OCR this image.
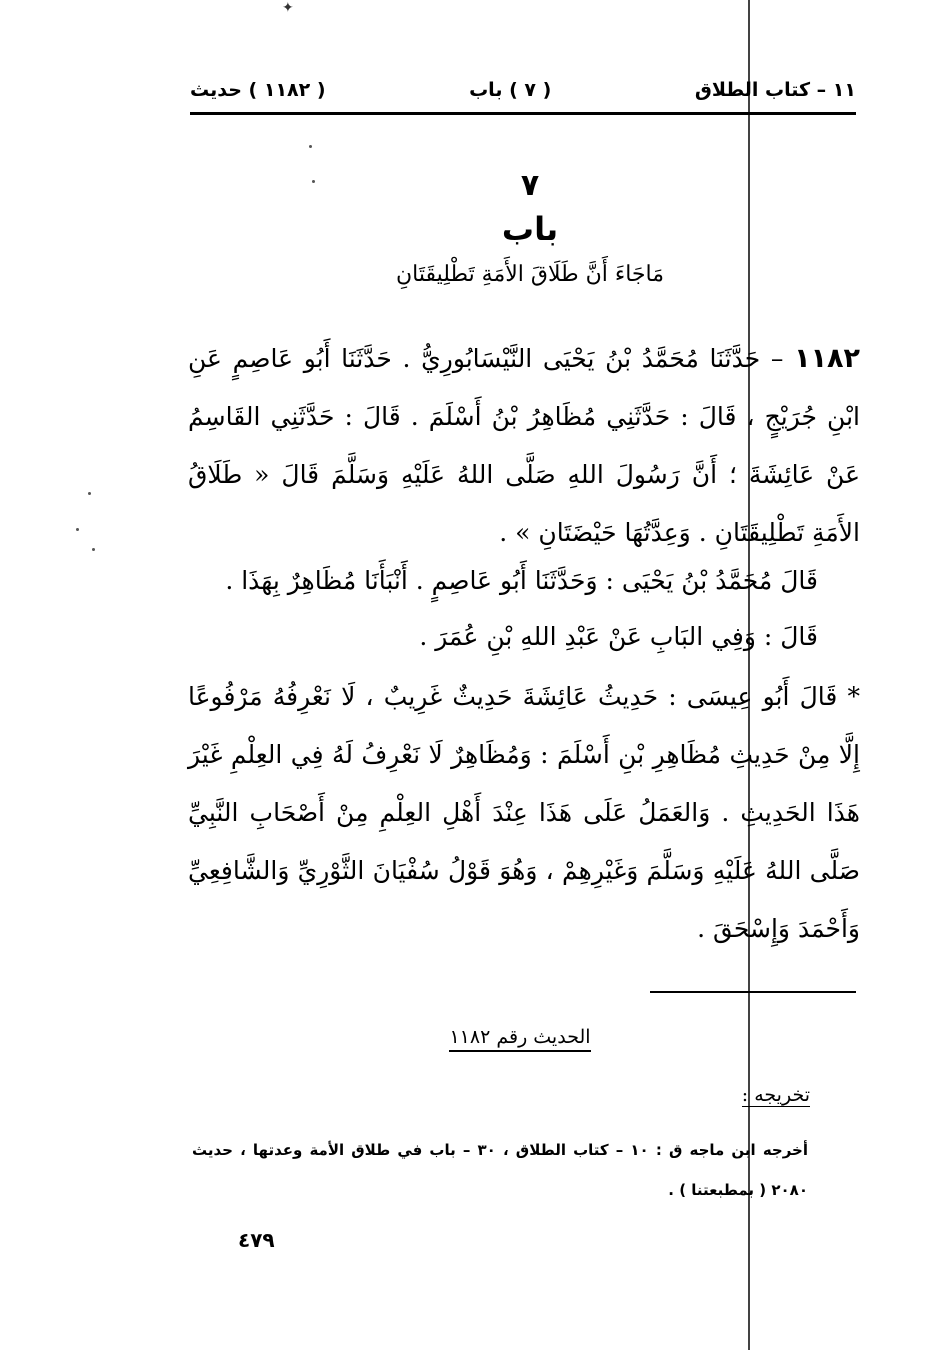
✦
١١ – كتاب الطلاق
( ٧ ) باب
( ١١٨٢ ) حديث
٧
باب
مَاجَاءَ أَنَّ طَلَاقَ الأَمَةِ تَطْلِيقَتَانِ
١١٨٢ – حَدَّثَنَا مُحَمَّدُ بْنُ يَحْيَى النَّيْسَابُورِيُّ . حَدَّثَنَا أَبُو عَاصِمٍ عَنِ ابْنِ جُرَيْجٍ ، قَالَ : حَدَّثَنِي مُظَاهِرُ بْنُ أَسْلَمَ . قَالَ : حَدَّثَنِي القَاسِمُ عَنْ عَائِشَةَ ؛ أَنَّ رَسُولَ اللهِ صَلَّى اللهُ عَلَيْهِ وَسَلَّمَ قَالَ « طَلَاقُ الأَمَةِ تَطْلِيقَتَانِ . وَعِدَّتُهَا حَيْضَتَانِ » .
قَالَ مُحَمَّدُ بْنُ يَحْيَى : وَحَدَّثَنَا أَبُو عَاصِمٍ . أَنْبَأَنَا مُظَاهِرٌ بِهَذَا .
قَالَ : وَفِي البَابِ عَنْ عَبْدِ اللهِ بْنِ عُمَرَ .
* قَالَ أَبُو عِيسَى : حَدِيثُ عَائِشَةَ حَدِيثٌ غَرِيبٌ ، لَا نَعْرِفُهُ مَرْفُوعًا إِلَّا مِنْ حَدِيثِ مُظَاهِرِ بْنِ أَسْلَمَ : وَمُظَاهِرٌ لَا نَعْرِفُ لَهُ فِي العِلْمِ غَيْرَ هَذَا الحَدِيثِ . وَالعَمَلُ عَلَى هَذَا عِنْدَ أَهْلِ العِلْمِ مِنْ أَصْحَابِ النَّبِيِّ صَلَّى اللهُ عَلَيْهِ وَسَلَّمَ وَغَيْرِهِمْ ، وَهُوَ قَوْلُ سُفْيَانَ الثَّوْرِيِّ وَالشَّافِعِيِّ وَأَحْمَدَ وَإِسْحَقَ .
الحديث رقم ١١٨٢
تخريجه :
أخرجه ابن ماجه ق : ١٠ – كتاب الطلاق ، ٣٠ – باب في طلاق الأمة وعدتها ، حديث ٢٠٨٠ ( بمطبعتنا ) .
٤٧٩
